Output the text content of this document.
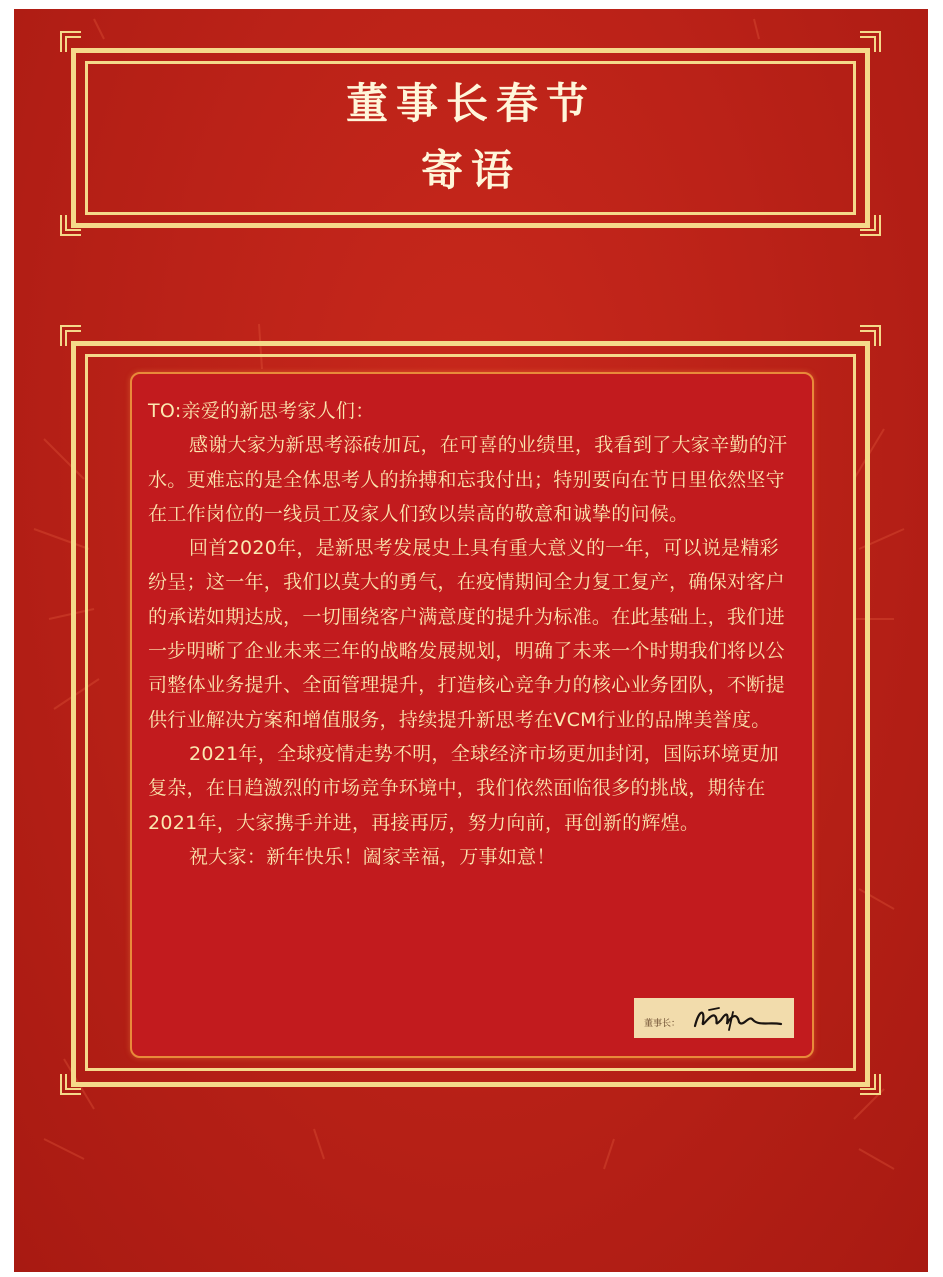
董事长春节
寄语

TO:亲爱的新思考家人们：

感谢大家为新思考添砖加瓦，在可喜的业绩里，我看到了大家辛勤的汗水。更难忘的是全体思考人的拚搏和忘我付出；特别要向在节日里依然坚守在工作岗位的一线员工及家人们致以崇高的敬意和诚挚的问候。

回首2020年，是新思考发展史上具有重大意义的一年，可以说是精彩纷呈；这一年，我们以莫大的勇气，在疫情期间全力复工复产，确保对客户的承诺如期达成，一切围绕客户满意度的提升为标准。在此基础上，我们进一步明晰了企业未来三年的战略发展规划，明确了未来一个时期我们将以公司整体业务提升、全面管理提升，打造核心竞争力的核心业务团队，不断提供行业解决方案和增值服务，持续提升新思考在VCM行业的品牌美誉度。

2021年，全球疫情走势不明，全球经济市场更加封闭，国际环境更加复杂，在日趋激烈的市场竞争环境中，我们依然面临很多的挑战，期待在2021年，大家携手并进，再接再厉，努力向前，再创新的辉煌。

祝大家：新年快乐！阖家幸福，万事如意！

董事长：
